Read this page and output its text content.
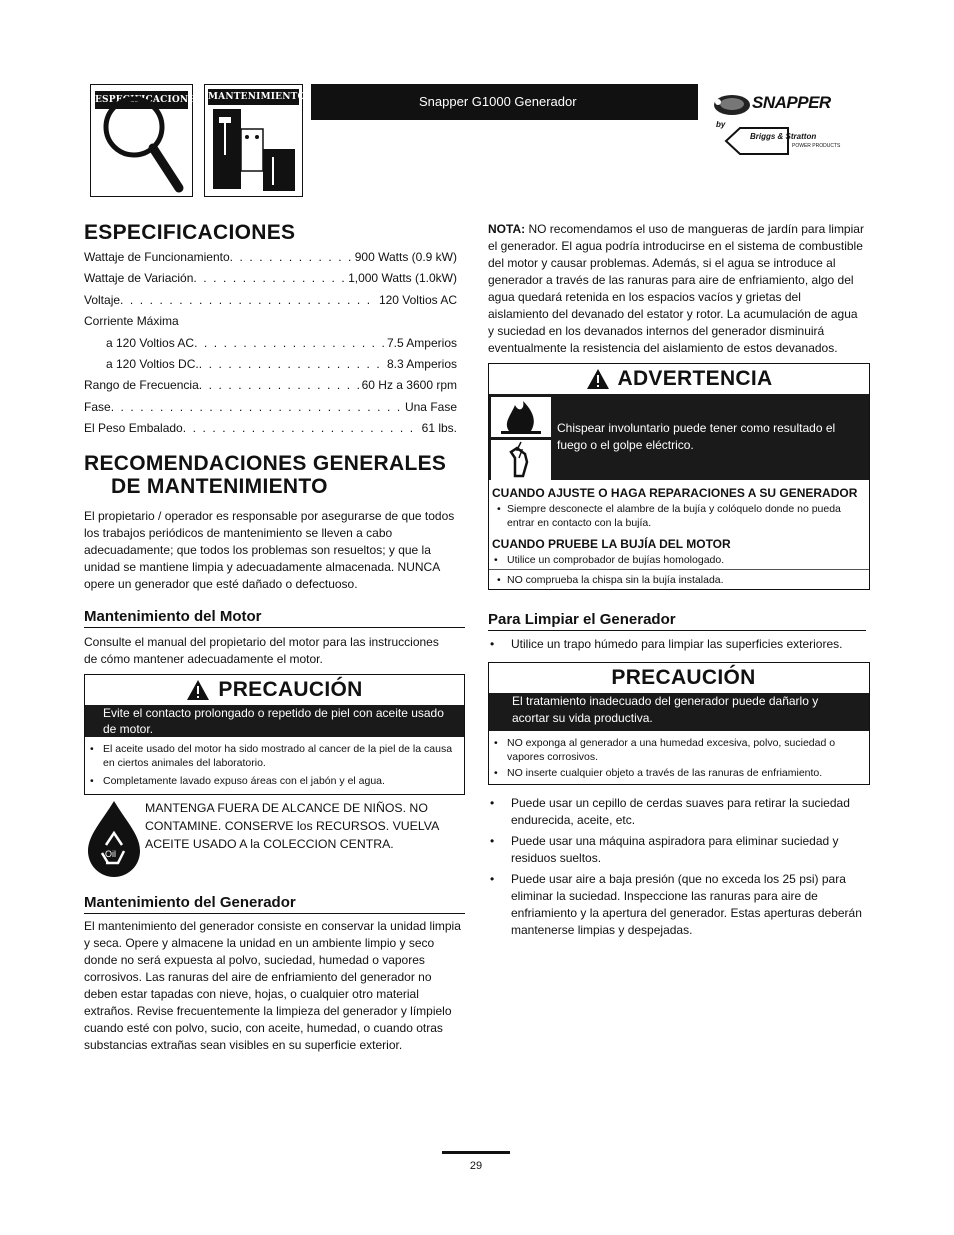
ESPECIFICACIONES MANTENIMIENTO	Snapper G1000 Generador	SNAPPER
by
Briggs & Stratton
POWER PRODUCTS
ESPECIFICACIONES
Wattaje de Funcionamiento . . .	900 Watts (0.9 kW)
Wattaje de Variación . . .	1,000 Watts (1.0kW)
Voltaje . . .	120 Voltios AC
Corriente Máxima
a 120 Voltios AC . . .	7.5 Amperios
a 120 Voltios DC. . . .	8.3 Amperios
Rango de Frecuencia . . .	60 Hz a 3600 rpm
Fase . . .	Una Fase
El Peso Embalado . . .	61 lbs.
RECOMENDACIONES GENERALES
DE MANTENIMIENTO

El propietario / operador es responsable por asegurarse de que todos los trabajos periódicos de mantenimiento se lleven a cabo adecuadamente; que todos los problemas son resueltos; y que la unidad se mantiene limpia y adecuadamente almacenada. NUNCA opere un generador que esté dañado o defectuoso.

Mantenimiento del Motor

Consulte el manual del propietario del motor para las instrucciones de cómo mantener adecuadamente el motor.

PRECAUCIÓN
Evite el contacto prolongado o repetido de piel con aceite usado de motor.
• El aceite usado del motor ha sido mostrado al cancer de la piel de la causa en ciertos animales del laboratorio.
• Completamente lavado expuso áreas con el jabón y el agua.
Oil

MANTENGA FUERA DE ALCANCE DE NIÑOS. NO CONTAMINE. CONSERVE los RECURSOS. VUELVA ACEITE USADO A la COLECCION CENTRA.

Mantenimiento del Generador

El mantenimiento del generador consiste en conservar la unidad limpia y seca. Opere y almacene la unidad en un ambiente limpio y seco donde no será expuesta al polvo, suciedad, humedad o vapores corrosivos. Las ranuras del aire de enfriamiento del generador no deben estar tapadas con nieve, hojas, o cualquier otro material extraños. Revise frecuentemente la limpieza del generador y límpielo cuando esté con polvo, sucio, con aceite, humedad, o cuando otras substancias extrañas sean visibles en su superficie exterior.

NOTA: NO recomendamos el uso de mangueras de jardín para limpiar el generador. El agua podría introducirse en el sistema de combustible del motor y causar problemas. Además, si el agua se introduce al generador a través de las ranuras para aire de enfriamiento, algo del agua quedará retenida en los espacios vacíos y grietas del aislamiento del devanado del estator y rotor. La acumulación de agua y suciedad en los devanados internos del generador disminuirá eventualmente la resistencia del aislamiento de estos devanados.

ADVERTENCIA
Chispear involuntario puede tener como resultado el fuego o el golpe eléctrico.
CUANDO AJUSTE O HAGA REPARACIONES A SU GENERADOR
• Siempre desconecte el alambre de la bujía y colóquelo donde no pueda entrar en contacto con la bujía.
CUANDO PRUEBE LA BUJÍA DEL MOTOR
• Utilice un comprobador de bujías homologado.
• NO comprueba la chispa sin la bujía instalada.
Para Limpiar el Generador
• Utilice un trapo húmedo para limpiar las superficies exteriores.
PRECAUCIÓN
El tratamiento inadecuado del generador puede dañarlo y acortar su vida productiva.
• NO exponga al generador a una humedad excesiva, polvo, suciedad o vapores corrosivos.
• NO inserte cualquier objeto a través de las ranuras de enfriamiento.
• Puede usar un cepillo de cerdas suaves para retirar la suciedad endurecida, aceite, etc.
• Puede usar una máquina aspiradora para eliminar suciedad y residuos sueltos.
• Puede usar aire a baja presión (que no exceda los 25 psi) para eliminar la suciedad. Inspeccione las ranuras para aire de enfriamiento y la apertura del generador. Estas aperturas deberán mantenerse limpias y despejadas.
29
